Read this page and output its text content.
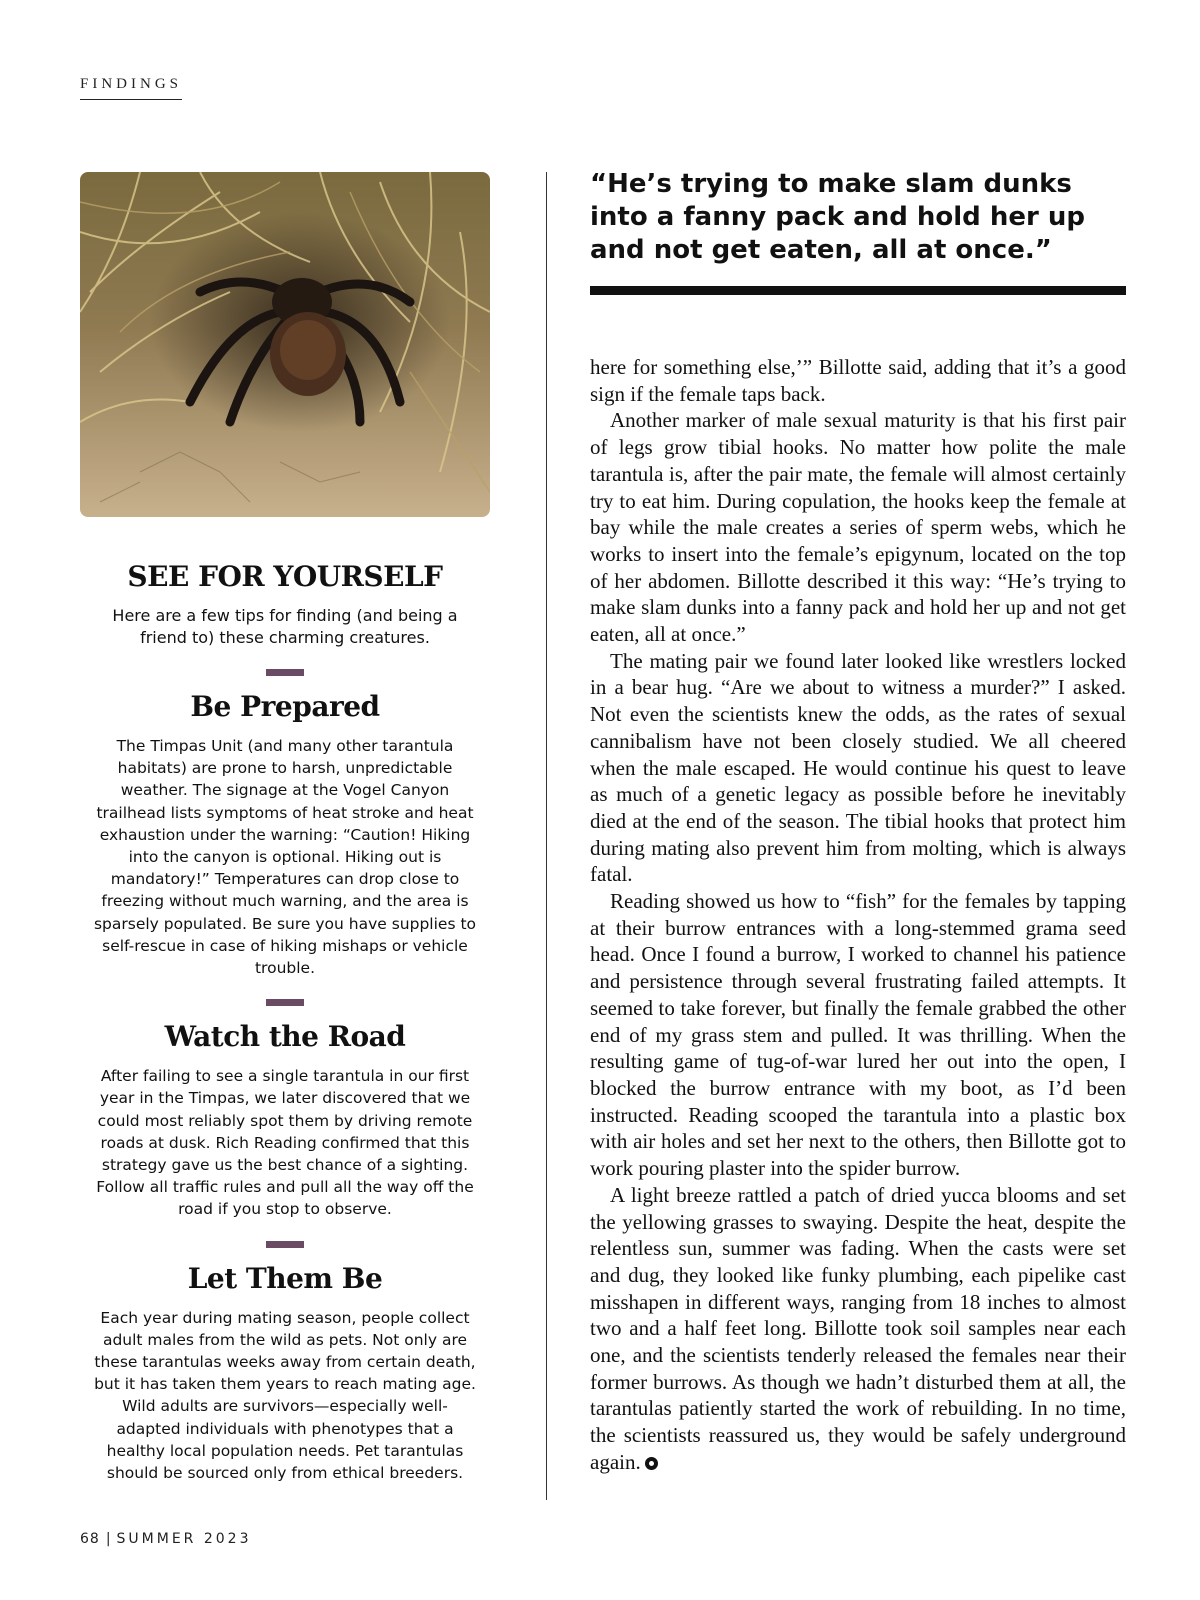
FINDINGS
SEE FOR YOURSELF

Here are a few tips for finding (and being a friend to) these charming creatures.

Be Prepared

The Timpas Unit (and many other tarantula habitats) are prone to harsh, unpredictable weather. The signage at the Vogel Canyon trailhead lists symptoms of heat stroke and heat exhaustion under the warning: “Caution! Hiking into the canyon is optional. Hiking out is mandatory!” Temperatures can drop close to freezing without much warning, and the area is sparsely populated. Be sure you have supplies to self-rescue in case of hiking mishaps or vehicle trouble.

Watch the Road

After failing to see a single tarantula in our first year in the Timpas, we later discovered that we could most reliably spot them by driving remote roads at dusk. Rich Reading confirmed that this strategy gave us the best chance of a sighting. Follow all traffic rules and pull all the way off the road if you stop to observe.

Let Them Be

Each year during mating season, people collect adult males from the wild as pets. Not only are these tarantulas weeks away from certain death, but it has taken them years to reach mating age. Wild adults are survivors—especially well-adapted individuals with phenotypes that a healthy local population needs. Pet tarantulas should be sourced only from ethical breeders.

“He’s trying to make slam dunks into a fanny pack and hold her up and not get eaten, all at once.”

here for something else,’” Billotte said, adding that it’s a good sign if the female taps back.

Another marker of male sexual maturity is that his first pair of legs grow tibial hooks. No matter how polite the male tarantula is, after the pair mate, the female will almost certainly try to eat him. During copulation, the hooks keep the female at bay while the male creates a series of sperm webs, which he works to insert into the female’s epigynum, located on the top of her abdomen. Billotte described it this way: “He’s trying to make slam dunks into a fanny pack and hold her up and not get eaten, all at once.”

The mating pair we found later looked like wrestlers locked in a bear hug. “Are we about to witness a murder?” I asked. Not even the scientists knew the odds, as the rates of sexual cannibalism have not been closely studied. We all cheered when the male escaped. He would continue his quest to leave as much of a genetic legacy as possible before he inevitably died at the end of the season. The tibial hooks that protect him during mating also prevent him from molting, which is always fatal.

Reading showed us how to “fish” for the females by tapping at their burrow entrances with a long-stemmed grama seed head. Once I found a burrow, I worked to channel his patience and persistence through several frustrating failed attempts. It seemed to take forever, but finally the female grabbed the other end of my grass stem and pulled. It was thrilling. When the resulting game of tug-of-war lured her out into the open, I blocked the burrow entrance with my boot, as I’d been instructed. Reading scooped the tarantula into a plastic box with air holes and set her next to the others, then Billotte got to work pouring plaster into the spider burrow.

A light breeze rattled a patch of dried yucca blooms and set the yellowing grasses to swaying. Despite the heat, despite the relentless sun, summer was fading. When the casts were set and dug, they looked like funky plumbing, each pipelike cast misshapen in different ways, ranging from 18 inches to almost two and a half feet long. Billotte took soil samples near each one, and the scientists tenderly released the females near their former burrows. As though we hadn’t disturbed them at all, the tarantulas patiently started the work of rebuilding. In no time, the scientists reassured us, they would be safely underground again.

68 | SUMMER 2023
